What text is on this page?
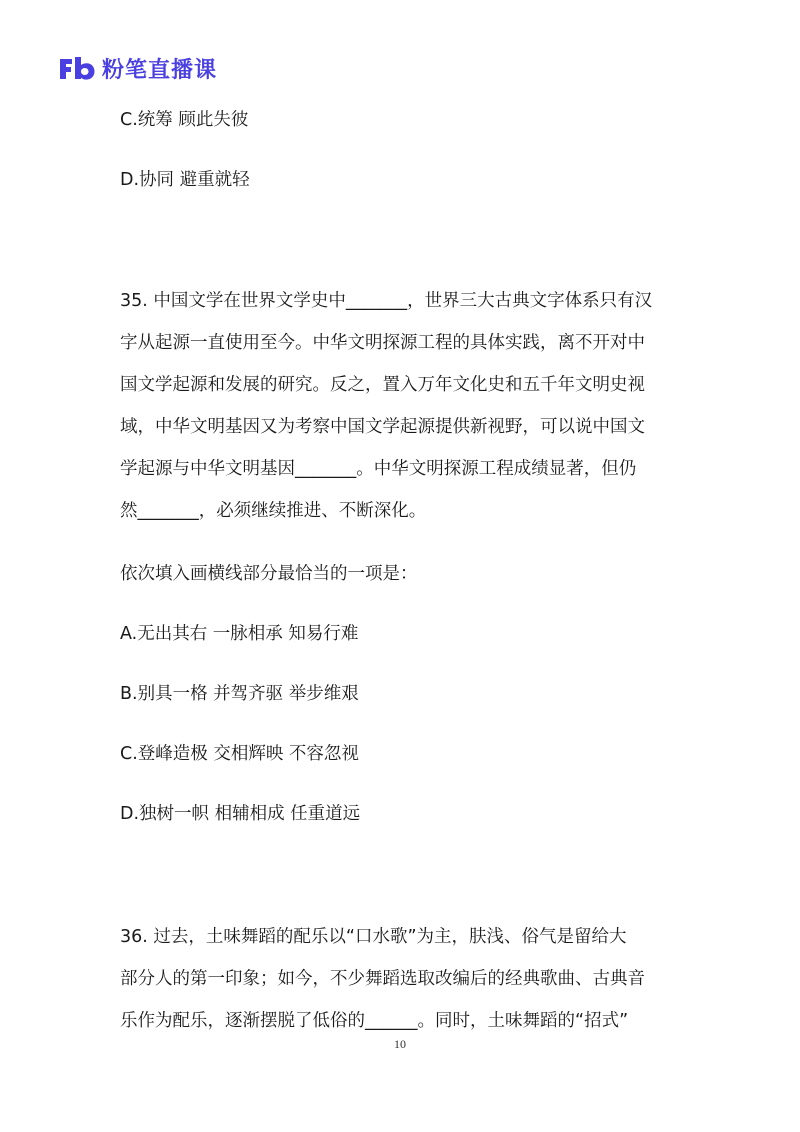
粉笔直播课
C.统筹 顾此失彼
D.协同 避重就轻
35. 中国文学在世界文学史中_______，世界三大古典文字体系只有汉
字从起源一直使用至今。中华文明探源工程的具体实践，离不开对中
国文学起源和发展的研究。反之，置入万年文化史和五千年文明史视
域，中华文明基因又为考察中国文学起源提供新视野，可以说中国文
学起源与中华文明基因_______。中华文明探源工程成绩显著，但仍
然_______，必须继续推进、不断深化。
依次填入画横线部分最恰当的一项是：
A.无出其右 一脉相承 知易行难
B.别具一格 并驾齐驱 举步维艰
C.登峰造极 交相辉映 不容忽视
D.独树一帜 相辅相成 任重道远
36. 过去，土味舞蹈的配乐以“口水歌”为主，肤浅、俗气是留给大
部分人的第一印象；如今，不少舞蹈选取改编后的经典歌曲、古典音
乐作为配乐，逐渐摆脱了低俗的______。同时，土味舞蹈的“招式”
10
